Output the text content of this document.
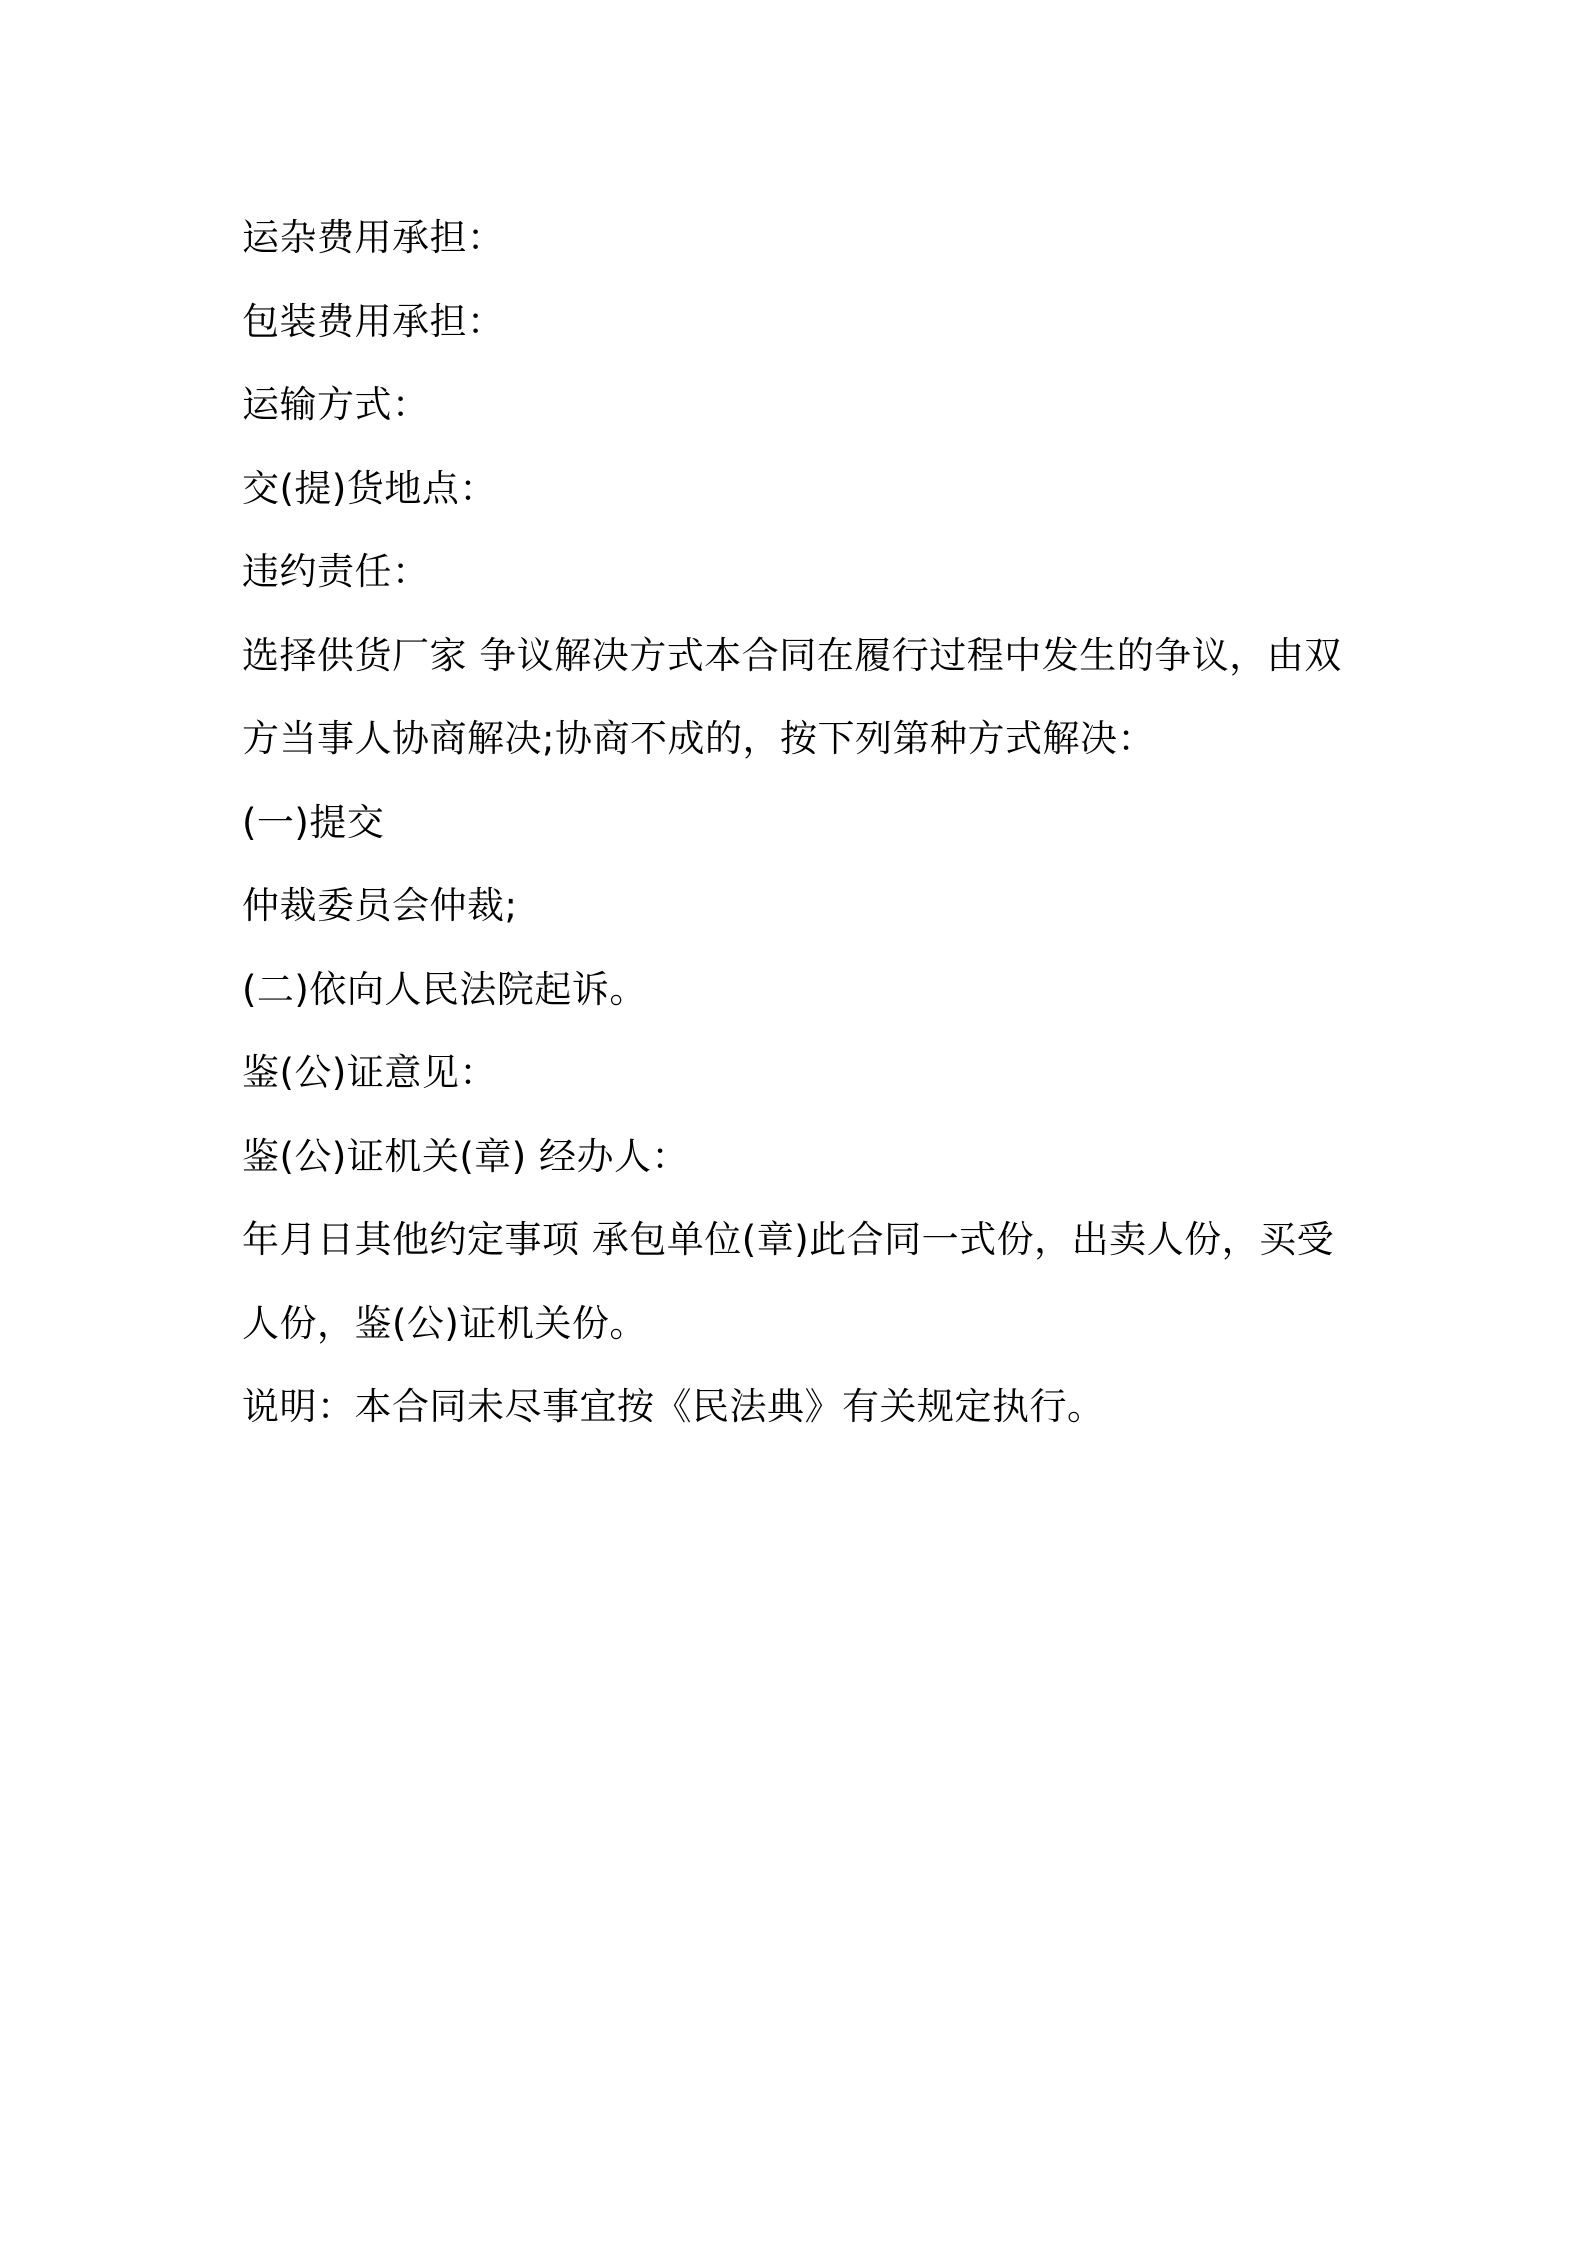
运杂费用承担：
包装费用承担：
运输方式：
交(提)货地点：
违约责任：
选择供货厂家 争议解决方式本合同在履行过程中发生的争议，由双
方当事人协商解决;协商不成的，按下列第种方式解决：
(一)提交
仲裁委员会仲裁;
(二)依向人民法院起诉。
鉴(公)证意见：
鉴(公)证机关(章) 经办人：
年月日其他约定事项 承包单位(章)此合同一式份，出卖人份，买受
人份，鉴(公)证机关份。
说明：本合同未尽事宜按《民法典》有关规定执行。
